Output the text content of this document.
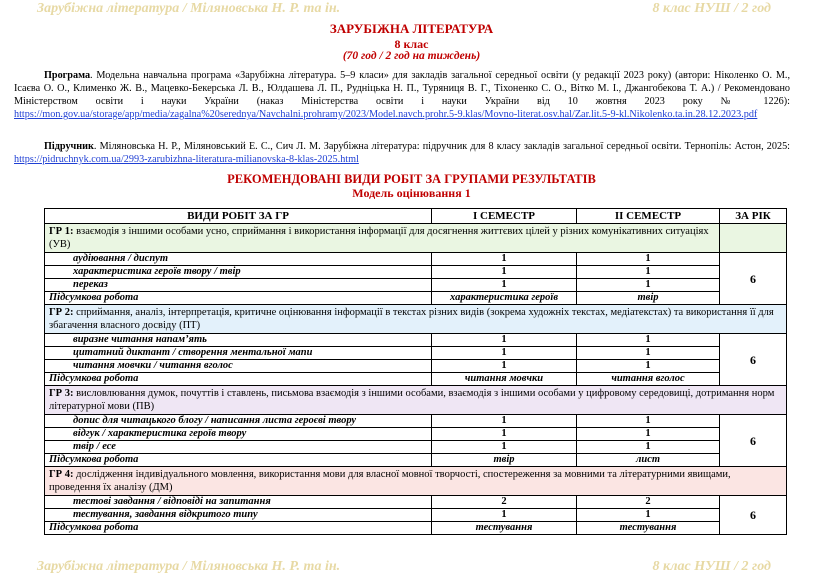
Зарубіжна література / Міляновська Н. Р. та ін.	8 клас НУШ / 2 год
ЗАРУБІЖНА ЛІТЕРАТУРА
8 клас
(70 год / 2 год на тиждень)
Програма. Модельна навчальна програма «Зарубіжна література. 5–9 класи» для закладів загальної середньої освіти (у редакції 2023 року) (автори: Ніколенко О. М., Ісаєва О. О., Клименко Ж. В., Мацевко-Бекерська Л. В., Юлдашева Л. П., Рудніцька Н. П., Туряниця В. Г., Тіхоненко С. О., Вітко М. І., Джангобекова Т. А.) / Рекомендовано Міністерством освіти і науки України (наказ Міністерства освіти і науки України від 10 жовтня 2023 року № 1226): https://mon.gov.ua/storage/app/media/zagalna%20serednya/Navchalni.prohramy/2023/Model.navch.prohr.5-9.klas/Movno-literat.osv.hal/Zar.lit.5-9-kl.Nikolenko.ta.in.28.12.2023.pdf
Підручник. Міляновська Н. Р., Міляновський Е. С., Сич Л. М. Зарубіжна література: підручник для 8 класу закладів загальної середньої освіти. Тернопіль: Астон, 2025: https://pidruchnyk.com.ua/2993-zarubizhna-literatura-milianovska-8-klas-2025.html
РЕКОМЕНДОВАНІ ВИДИ РОБІТ ЗА ГРУПАМИ РЕЗУЛЬТАТІВ
Модель оцінювання 1
ВИДИ РОБІТ ЗА ГР	І СЕМЕСТР	ІІ СЕМЕСТР	ЗА РІК
ГР 1: взаємодія з іншими особами усно, сприймання і використання інформації для досягнення життєвих цілей у різних комунікативних ситуаціях (УВ)			
аудіювання / диспут	1	1	6
характеристика героїв твору / твір	1	1	
переказ	1	1	
Підсумкова робота	характеристика героїв	твір	
ГР 2: сприймання, аналіз, інтерпретація, критичне оцінювання інформації в текстах різних видів (зокрема художніх текстах, медіатекстах) та використання її для збагачення власного досвіду (ПТ)			
виразне читання напам’ять	1	1	6
цитатний диктант / створення ментальної мапи	1	1	
читання мовчки / читання вголос	1	1	
Підсумкова робота	читання мовчки	читання вголос	
ГР 3: висловлювання думок, почуттів і ставлень, письмова взаємодія з іншими особами, взаємодія з іншими особами у цифровому середовищі, дотримання норм літературної мови (ПВ)			
допис для читацького блогу / написання листа героєві твору	1	1	6
відгук / характеристика героїв твору	1	1	
твір / есе	1	1	
Підсумкова робота	твір	лист	
ГР 4: дослідження індивідуального мовлення, використання мови для власної мовної творчості, спостереження за мовними та літературними явищами, проведення їх аналізу (ДМ)			
тестові завдання / відповіді на запитання	2	2	6
тестування, завдання відкритого типу	1	1	
Підсумкова робота	тестування	тестування	
Зарубіжна література / Міляновська Н. Р. та ін.	8 клас НУШ / 2 год
